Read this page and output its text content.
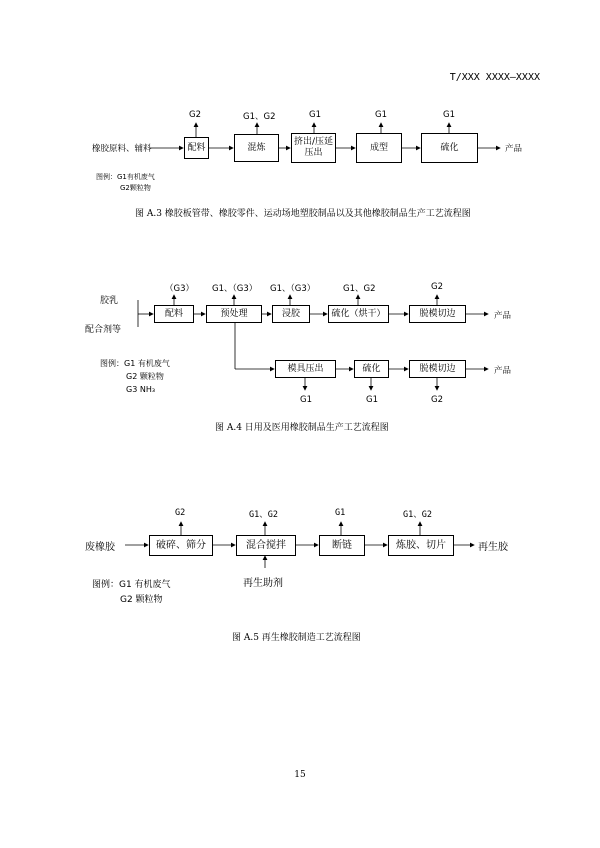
T/XXX XXXX—XXXX
橡胶原料、辅料	配料	混炼
挤出/压延
压出
成型	硫化	产品
G2	G1、G2	G1	G1	G1
图例：G1有机废气
G2颗粒物
图 A.3 橡胶板管带、橡胶零件、运动场地塑胶制品以及其他橡胶制品生产工艺流程图
胶乳
配合剂等
配料	预处理	浸胶	硫化（烘干）	脱模切边	产品
模具压出	硫化	脱模切边	产品
（G3） G1、（G3） G1、（G3）	G1、G2	G2
G1	G1	G2
图例：G1 有机废气
G2 颗粒物
G3 NH₃
图 A.4 日用及医用橡胶制品生产工艺流程图
废橡胶	破碎、筛分	混合搅拌	断链	炼胶、切片	再生胶
G2	G1、G2	G1	G1、G2
再生助剂
图例：G1 有机废气
G2 颗粒物
图 A.5 再生橡胶制造工艺流程图
15
